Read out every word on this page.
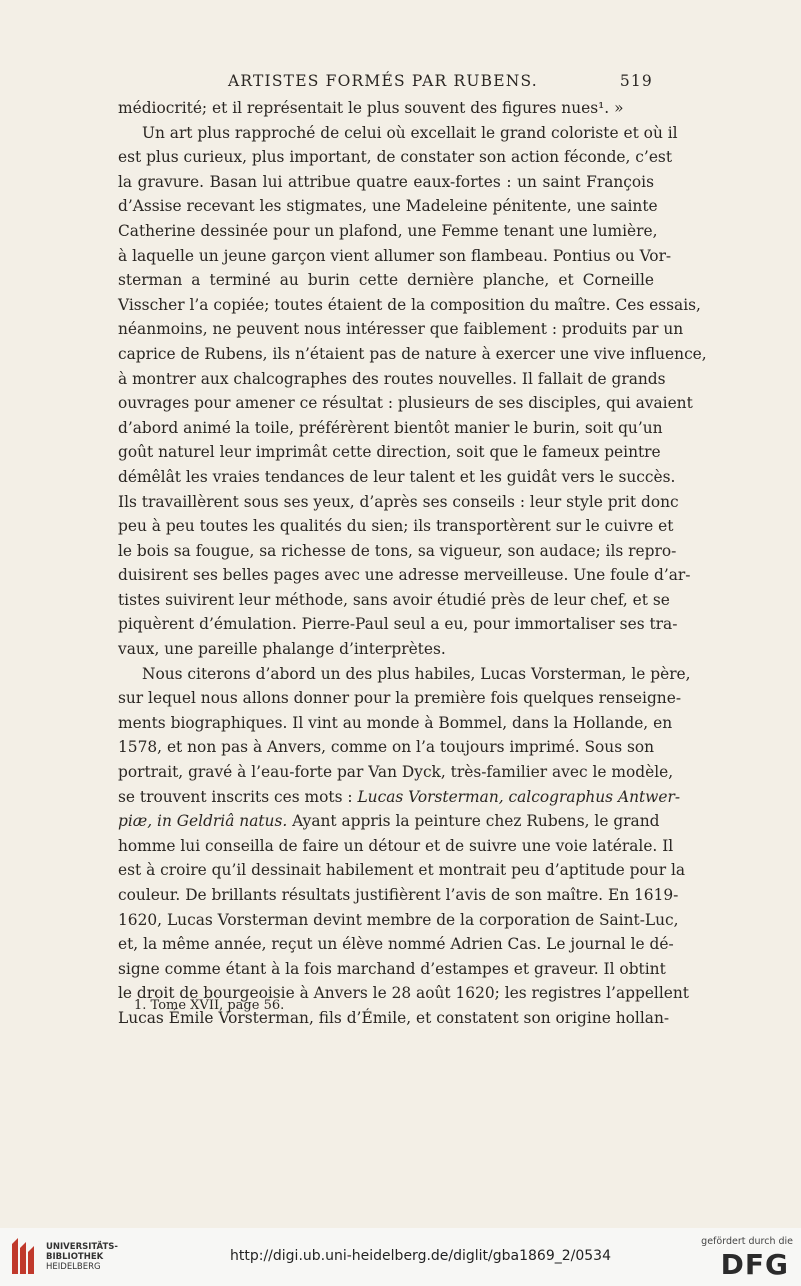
ARTISTES FORMÉS PAR RUBENS.	519
médiocrité; et il représentait le plus souvent des figures nues¹. »
Un art plus rapproché de celui où excellait le grand coloriste et où il
est plus curieux, plus important, de constater son action féconde, c’est
la gravure. Basan lui attribue quatre eaux-fortes : un saint François
d’Assise recevant les stigmates, une Madeleine pénitente, une sainte
Catherine dessinée pour un plafond, une Femme tenant une lumière,
à laquelle un jeune garçon vient allumer son flambeau. Pontius ou Vor-
sterman a terminé au burin cette dernière planche, et Corneille
Visscher l’a copiée; toutes étaient de la composition du maître. Ces essais,
néanmoins, ne peuvent nous intéresser que faiblement : produits par un
caprice de Rubens, ils n’étaient pas de nature à exercer une vive influence,
à montrer aux chalcographes des routes nouvelles. Il fallait de grands
ouvrages pour amener ce résultat : plusieurs de ses disciples, qui avaient
d’abord animé la toile, préférèrent bientôt manier le burin, soit qu’un
goût naturel leur imprimât cette direction, soit que le fameux peintre
démêlât les vraies tendances de leur talent et les guidât vers le succès.
Ils travaillèrent sous ses yeux, d’après ses conseils : leur style prit donc
peu à peu toutes les qualités du sien; ils transportèrent sur le cuivre et
le bois sa fougue, sa richesse de tons, sa vigueur, son audace; ils repro-
duisirent ses belles pages avec une adresse merveilleuse. Une foule d’ar-
tistes suivirent leur méthode, sans avoir étudié près de leur chef, et se
piquèrent d’émulation. Pierre-Paul seul a eu, pour immortaliser ses tra-
vaux, une pareille phalange d’interprètes.
Nous citerons d’abord un des plus habiles, Lucas Vorsterman, le père,
sur lequel nous allons donner pour la première fois quelques renseigne-
ments biographiques. Il vint au monde à Bommel, dans la Hollande, en
1578, et non pas à Anvers, comme on l’a toujours imprimé. Sous son
portrait, gravé à l’eau-forte par Van Dyck, très-familier avec le modèle,
se trouvent inscrits ces mots : Lucas Vorsterman, calcographus Antwer-
piæ, in Geldriâ natus. Ayant appris la peinture chez Rubens, le grand
homme lui conseilla de faire un détour et de suivre une voie latérale. Il
est à croire qu’il dessinait habilement et montrait peu d’aptitude pour la
couleur. De brillants résultats justifièrent l’avis de son maître. En 1619-
1620, Lucas Vorsterman devint membre de la corporation de Saint-Luc,
et, la même année, reçut un élève nommé Adrien Cas. Le journal le dé-
signe comme étant à la fois marchand d’estampes et graveur. Il obtint
le droit de bourgeoisie à Anvers le 28 août 1620; les registres l’appellent
Lucas Émile Vorsterman, fils d’Émile, et constatent son origine hollan-
1. Tome XVII, page 56.
UNIVERSITÄTS-
BIBLIOTHEK
HEIDELBERG
http://digi.ub.uni-heidelberg.de/diglit/gba1869_2/0534
gefördert durch die
DFG
